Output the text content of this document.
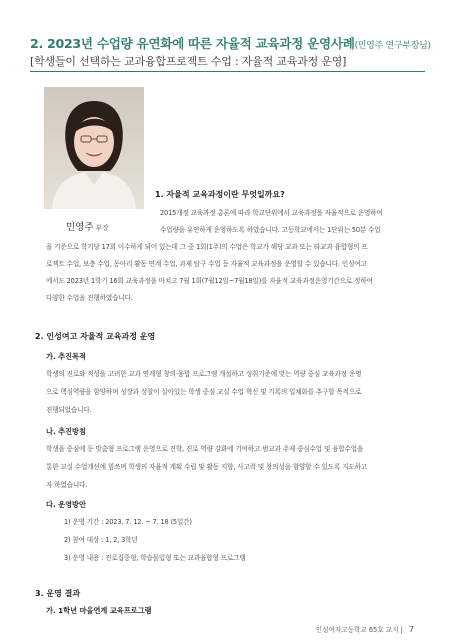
2. 2023년 수업량 유연화에 따른 자율적 교육과정 운영사례(민영주 연구부장님)
[학생들이 선택하는 교과융합프로젝트 수업 : 자율적 교육과정 운영]
민영주 부장
1. 자율적 교육과정이란 무엇일까요?
2015개정 교육과정 총론에 따라 학교단위에서 교육과정을 자율적으로 운영하여
수업량을 유연하게 운영하도록 하였습니다. 고등학교에서는 1단위는 50분 수업
을 기준으로 학기당 17회 이수하게 되어 있는데 그 중 1회(1주)의 수업은 학교가 해당 교과 또는 타교과 융합형의 프
로젝트 수업, 보충 수업, 동아리 활동 연계 수업, 과제 탐구 수업 등 자율적 교육과정을 운영할 수 있습니다. 인성여고
에서도 2023년 1학기 16회 교육과정을 마치고 7월 1회(7월12일~7월18일)를 자율적 교육과정운영기간으로 정하여
다양한 수업을 진행하였습니다.
2. 인성여고 자율적 교육과정 운영
가. 추진목적
학생의 진로와 적성을 고려한 교과 연계형 창의·융합 프로그램 개설하고 성취기준에 맞는 역량 중심 교육과정 운영
으로 핵심역량을 함양하며 성장과 성찰이 살아있는 학생 중심 교실 수업 혁신 및 기록의 일체화를 추구할 목적으로
진행되었습니다.
나. 추진방침
학생을 중심에 둔 맞춤형 프로그램 운영으로 진학, 진로 역량 강화에 기여하고 범교과 주제 중심수업 및 융합수업을
통한 교실 수업개선에 힘쓰며 학생의 자율적 계획 수립 및 활동 지향, 사고력 및 창의성을 함양할 수 있도록 지도하고
자 하였습니다.
다. 운영방안
1) 운영 기간 : 2023. 7. 12. ~ 7. 18 (5일간)
2) 참여 대상 : 1, 2, 3학년
3) 운영 내용 : 진로집중형, 학습몰입형 또는 교과융합형 프로그램
3. 운영 결과
가. 1학년 마을연계 교육프로그램
인성여자고등학교 65호 교지 | 7
